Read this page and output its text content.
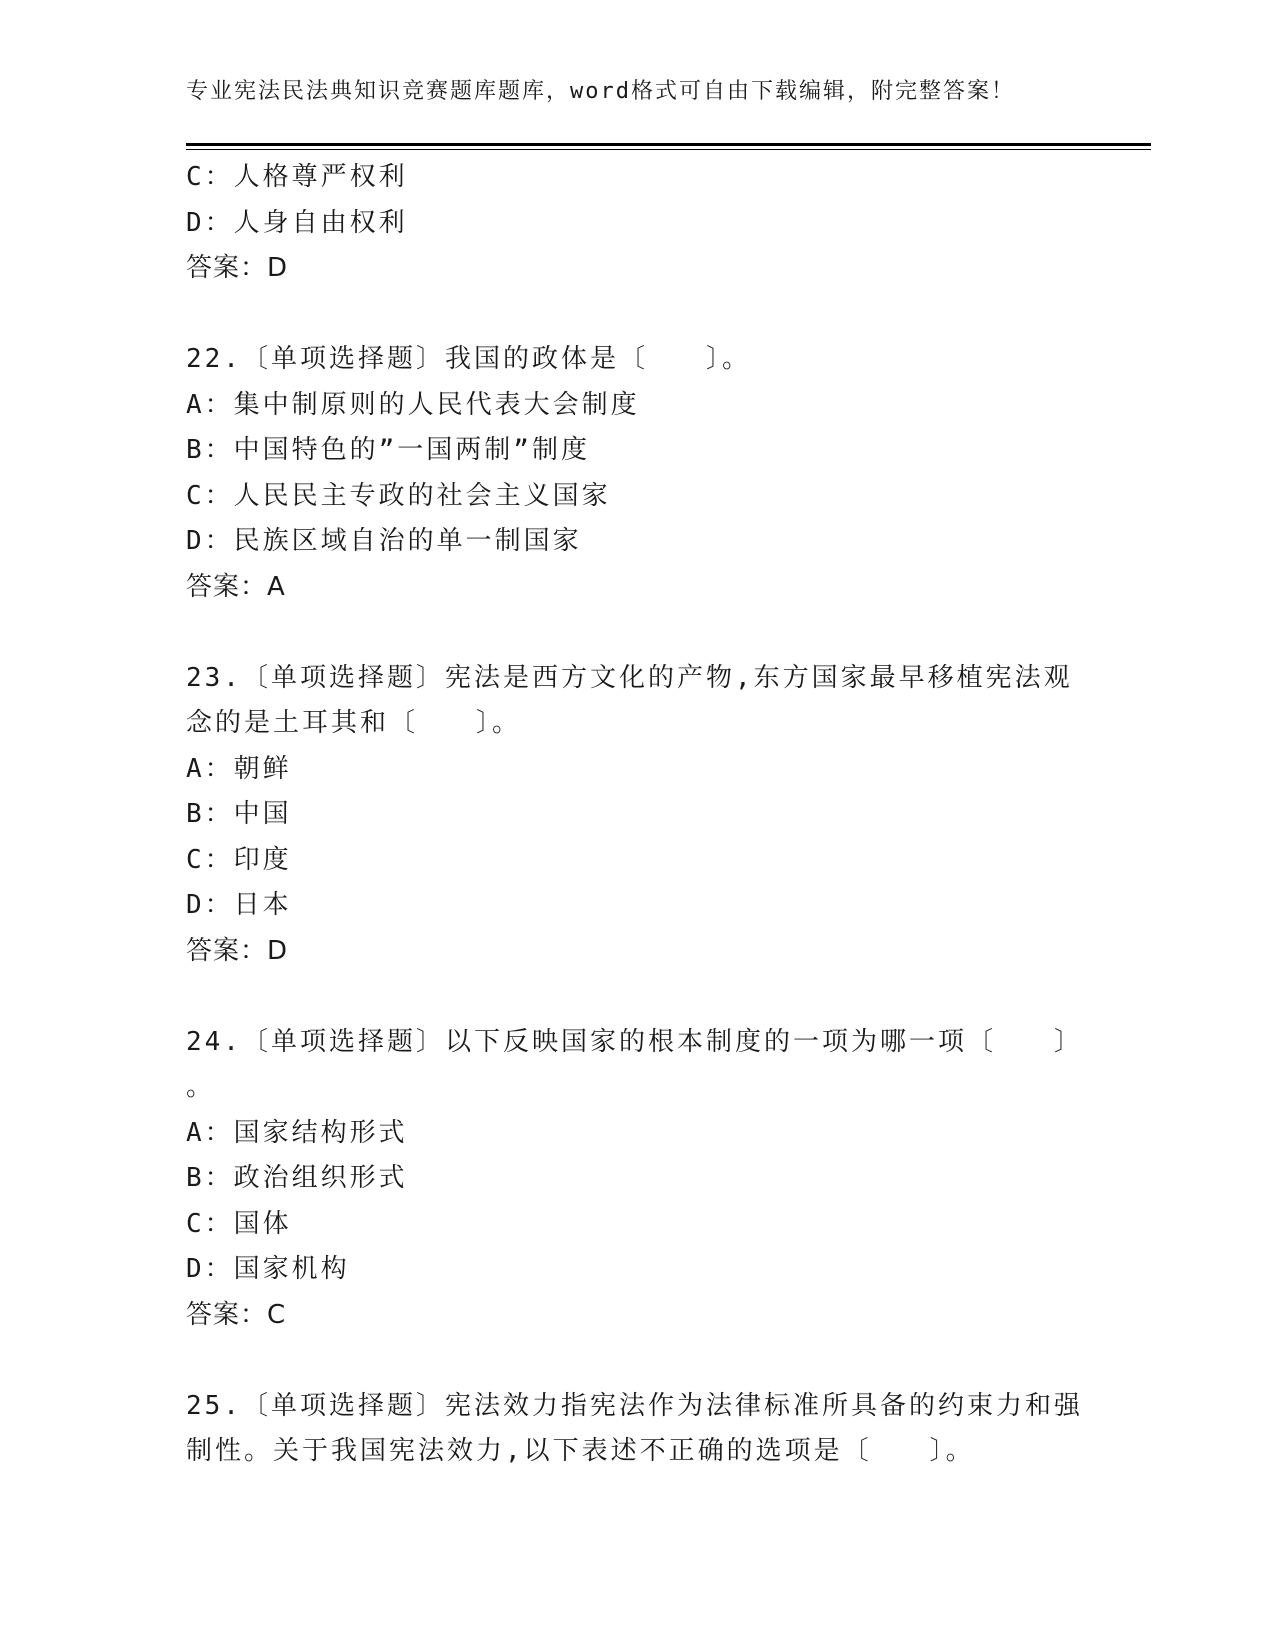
专业宪法民法典知识竞赛题库题库，word格式可自由下载编辑，附完整答案！
C：人格尊严权利
D：人身自由权利
答案：D
22.〔单项选择题〕我国的政体是〔　　〕。
A：集中制原则的人民代表大会制度
B：中国特色的”一国两制”制度
C：人民民主专政的社会主义国家
D：民族区域自治的单一制国家
答案：A
23.〔单项选择题〕宪法是西方文化的产物,东方国家最早移植宪法观
念的是土耳其和〔　　〕。
A：朝鲜
B：中国
C：印度
D：日本
答案：D
24.〔单项选择题〕以下反映国家的根本制度的一项为哪一项〔　　〕
。
A：国家结构形式
B：政治组织形式
C：国体
D：国家机构
答案：C
25.〔单项选择题〕宪法效力指宪法作为法律标准所具备的约束力和强
制性。关于我国宪法效力,以下表述不正确的选项是〔　　〕。
